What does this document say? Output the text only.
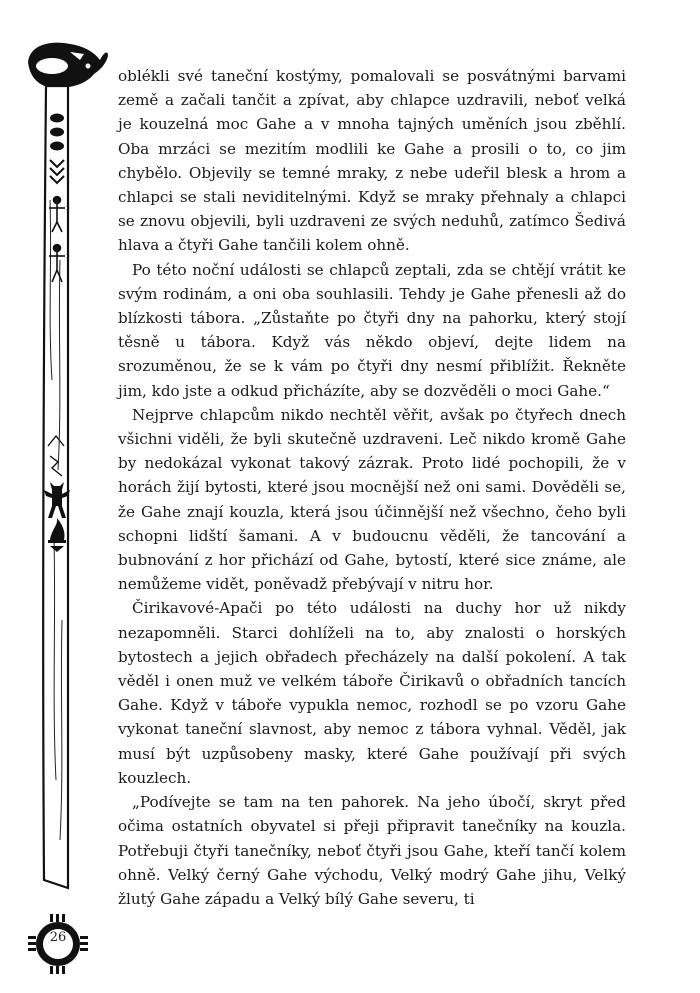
26

oblékli své taneční kostýmy, pomalovali se posvátnými barvami země a začali tančit a zpívat, aby chlapce uzdravili, neboť velká je kouzelná moc Gahe a v mnoha tajných uměních jsou zběhlí. Oba mrzáci se mezitím modlili ke Gahe a prosili o to, co jim chybělo. Objevily se temné mraky, z nebe udeřil blesk a hrom a chlapci se stali neviditelnými. Když se mraky přehnaly a chlapci se znovu objevili, byli uzdraveni ze svých neduhů, zatímco Šedivá hlava a čtyři Gahe tančili kolem ohně.

Po této noční události se chlapců zeptali, zda se chtějí vrátit ke svým rodinám, a oni oba souhlasili. Tehdy je Gahe přenesli až do blízkosti tábora. „Zůstaňte po čtyři dny na pahorku, který stojí těsně u tábora. Když vás někdo objeví, dejte lidem na srozuměnou, že se k vám po čtyři dny nesmí přiblížit. Řekněte jim, kdo jste a odkud přicházíte, aby se dozvěděli o moci Gahe.“

Nejprve chlapcům nikdo nechtěl věřit, avšak po čtyřech dnech všichni viděli, že byli skutečně uzdraveni. Leč nikdo kromě Gahe by nedokázal vykonat takový zázrak. Proto lidé pochopili, že v horách žijí bytosti, které jsou mocnější než oni sami. Dověděli se, že Gahe znají kouzla, která jsou účinnější než všechno, čeho byli schopni lidští šamani. A v budoucnu věděli, že tancování a bubnování z hor přichází od Gahe, bytostí, které sice známe, ale nemůžeme vidět, poněvadž přebývají v nitru hor.

Čirikavové-Apači po této události na duchy hor už nikdy nezapomněli. Starci dohlíželi na to, aby znalosti o horských bytostech a jejich obřadech přecházely na další pokolení. A tak věděl i onen muž ve velkém táboře Čirikavů o obřadních tancích Gahe. Když v táboře vypukla nemoc, rozhodl se po vzoru Gahe vykonat taneční slavnost, aby nemoc z tábora vyhnal. Věděl, jak musí být uzpůsobeny masky, které Gahe používají při svých kouzlech.

„Podívejte se tam na ten pahorek. Na jeho úbočí, skryt před očima ostatních obyvatel si přeji připravit tanečníky na kouzla. Potřebuji čtyři tanečníky, neboť čtyři jsou Gahe, kteří tančí kolem ohně. Velký černý Gahe východu, Velký modrý Gahe jihu, Velký žlutý Gahe západu a Velký bílý Gahe severu, ti
